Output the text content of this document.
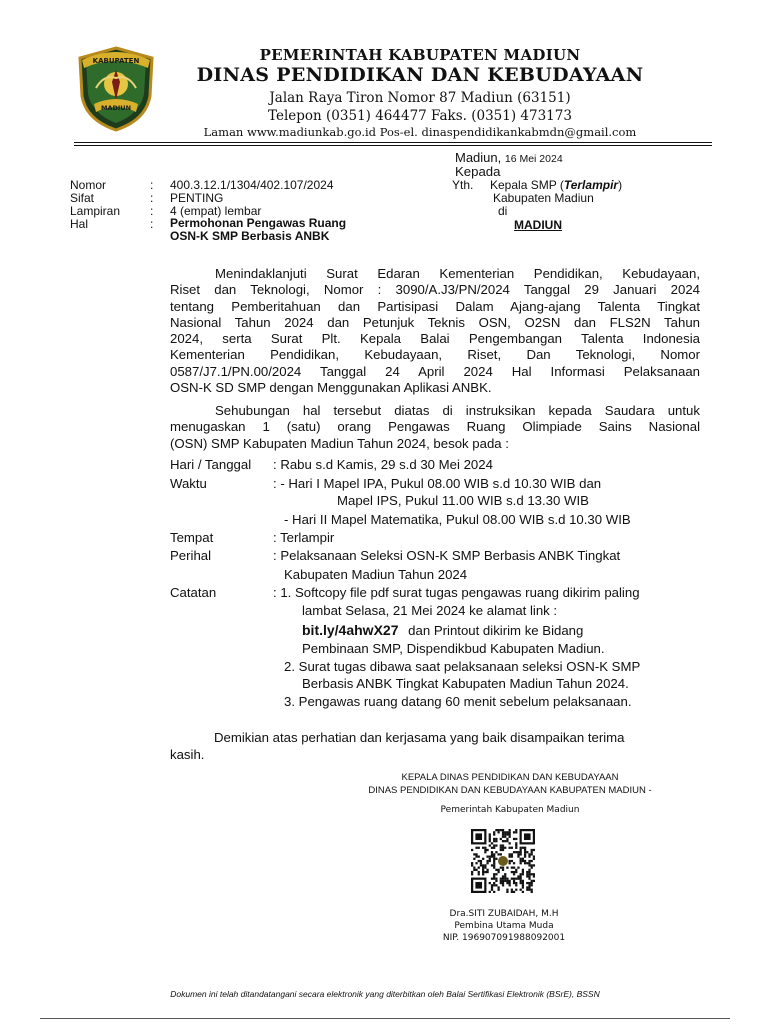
KABUPATEN
MADIUN
PEMERINTAH KABUPATEN MADIUN
DINAS PENDIDIKAN DAN KEBUDAYAAN
Jalan Raya Tiron Nomor 87 Madiun (63151)
Telepon (0351) 464477 Faks. (0351) 473173
Laman www.madiunkab.go.id Pos-el. dinaspendidikankabmdn@gmail.com
Madiun, 16 Mei 2024
Kepada
Yth. Kepala SMP (Terlampir)
Kabupaten Madiun
di
MADIUN
Nomor	: 400.3.12.1/1304/402.107/2024
Sifat	: PENTING
Lampiran : 4 (empat) lembar
Hal	: Permohonan Pengawas Ruang
OSN-K SMP Berbasis ANBK
Menindaklanjuti Surat Edaran Kementerian Pendidikan, Kebudayaan,
Riset dan Teknologi, Nomor : 3090/A.J3/PN/2024 Tanggal 29 Januari 2024
tentang Pemberitahuan dan Partisipasi Dalam Ajang-ajang Talenta Tingkat
Nasional Tahun 2024 dan Petunjuk Teknis OSN, O2SN dan FLS2N Tahun
2024, serta Surat Plt. Kepala Balai Pengembangan Talenta Indonesia
Kementerian Pendidikan, Kebudayaan, Riset, Dan Teknologi, Nomor
0587/J7.1/PN.00/2024 Tanggal 24 April 2024 Hal Informasi Pelaksanaan
OSN-K SD SMP dengan Menggunakan Aplikasi ANBK.
Sehubungan hal tersebut diatas di instruksikan kepada Saudara untuk
menugaskan 1 (satu) orang Pengawas Ruang Olimpiade Sains Nasional
(OSN) SMP Kabupaten Madiun Tahun 2024, besok pada :
Hari / Tanggal : Rabu s.d Kamis, 29 s.d 30 Mei 2024
Waktu	: - Hari I Mapel IPA, Pukul 08.00 WIB s.d 10.30 WIB dan
Mapel IPS, Pukul 11.00 WIB s.d 13.30 WIB
- Hari II Mapel Matematika, Pukul 08.00 WIB s.d 10.30 WIB
Tempat	: Terlampir
Perihal	: Pelaksanaan Seleksi OSN-K SMP Berbasis ANBK Tingkat
Kabupaten Madiun Tahun 2024
Catatan	: 1. Softcopy file pdf surat tugas pengawas ruang dikirim paling
lambat Selasa, 21 Mei 2024 ke alamat link :
bit.ly/4ahwX27 dan Printout dikirim ke Bidang
Pembinaan SMP, Dispendikbud Kabupaten Madiun.
2. Surat tugas dibawa saat pelaksanaan seleksi OSN-K SMP
Berbasis ANBK Tingkat Kabupaten Madiun Tahun 2024.
3. Pengawas ruang datang 60 menit sebelum pelaksanaan.
Demikian atas perhatian dan kerjasama yang baik disampaikan terima
kasih.
KEPALA DINAS PENDIDIKAN DAN KEBUDAYAAN
DINAS PENDIDIKAN DAN KEBUDAYAAN KABUPATEN MADIUN -
Pemerintah Kabupaten Madiun
Dra.SITI ZUBAIDAH, M.H
Pembina Utama Muda
NIP. 196907091988092001
Dokumen ini telah ditandatangani secara elektronik yang diterbitkan oleh Balai Sertifikasi Elektronik (BSrE), BSSN
